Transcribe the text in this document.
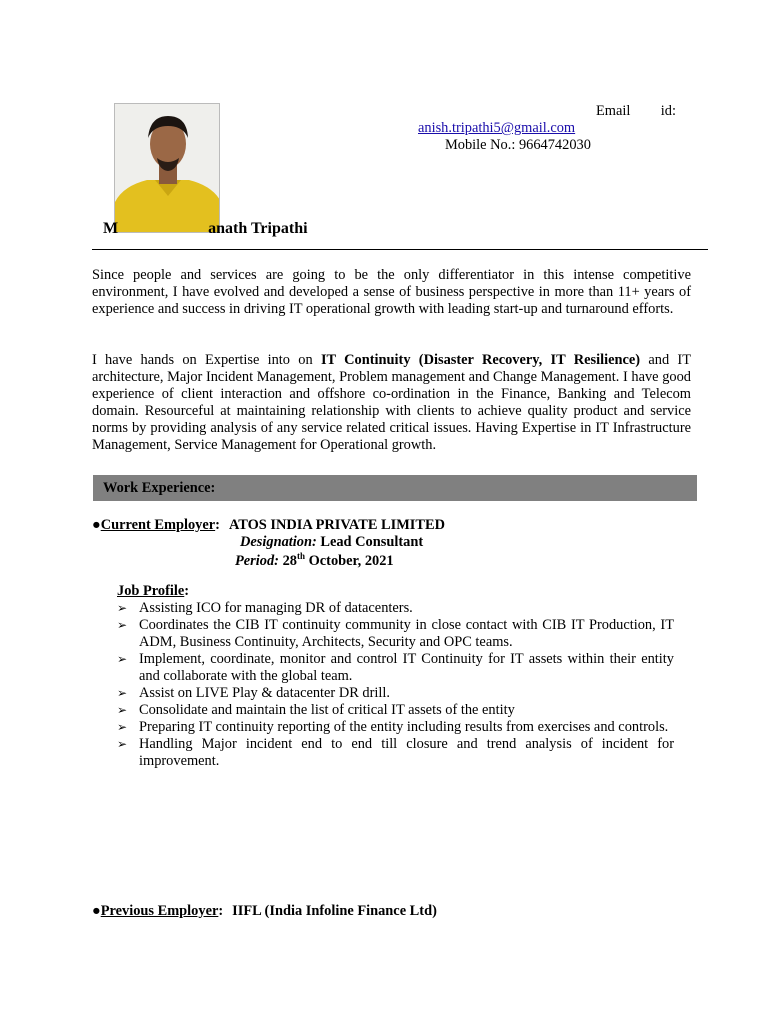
Email id:
anish.tripathi5@gmail.com
Mobile No.: 9664742030
M	anath Tripathi
Since people and services are going to be the only differentiator in this intense competitive environment, I have evolved and developed a sense of business perspective in more than 11+ years of experience and success in driving IT operational growth with leading start-up and turnaround efforts.
I have hands on Expertise into on IT Continuity (Disaster Recovery, IT Resilience) and IT architecture, Major Incident Management, Problem management and Change Management. I have good experience of client interaction and offshore co-ordination in the Finance, Banking and Telecom domain. Resourceful at maintaining relationship with clients to achieve quality product and service norms by providing analysis of any service related critical issues. Having Expertise in IT Infrastructure Management, Service Management for Operational growth.
Work Experience:
●Current Employer: ATOS INDIA PRIVATE LIMITED
Designation: Lead Consultant
Period: 28th October, 2021
Job Profile:
➢ Assisting ICO for managing DR of datacenters.
➢ Coordinates the CIB IT continuity community in close contact with CIB IT Production, IT ADM, Business Continuity, Architects, Security and OPC teams.
➢ Implement, coordinate, monitor and control IT Continuity for IT assets within their entity and collaborate with the global team.
➢ Assist on LIVE Play & datacenter DR drill.
➢ Consolidate and maintain the list of critical IT assets of the entity
➢ Preparing IT continuity reporting of the entity including results from exercises and controls.
➢ Handling Major incident end to end till closure and trend analysis of incident for improvement.
●Previous Employer: IIFL (India Infoline Finance Ltd)
